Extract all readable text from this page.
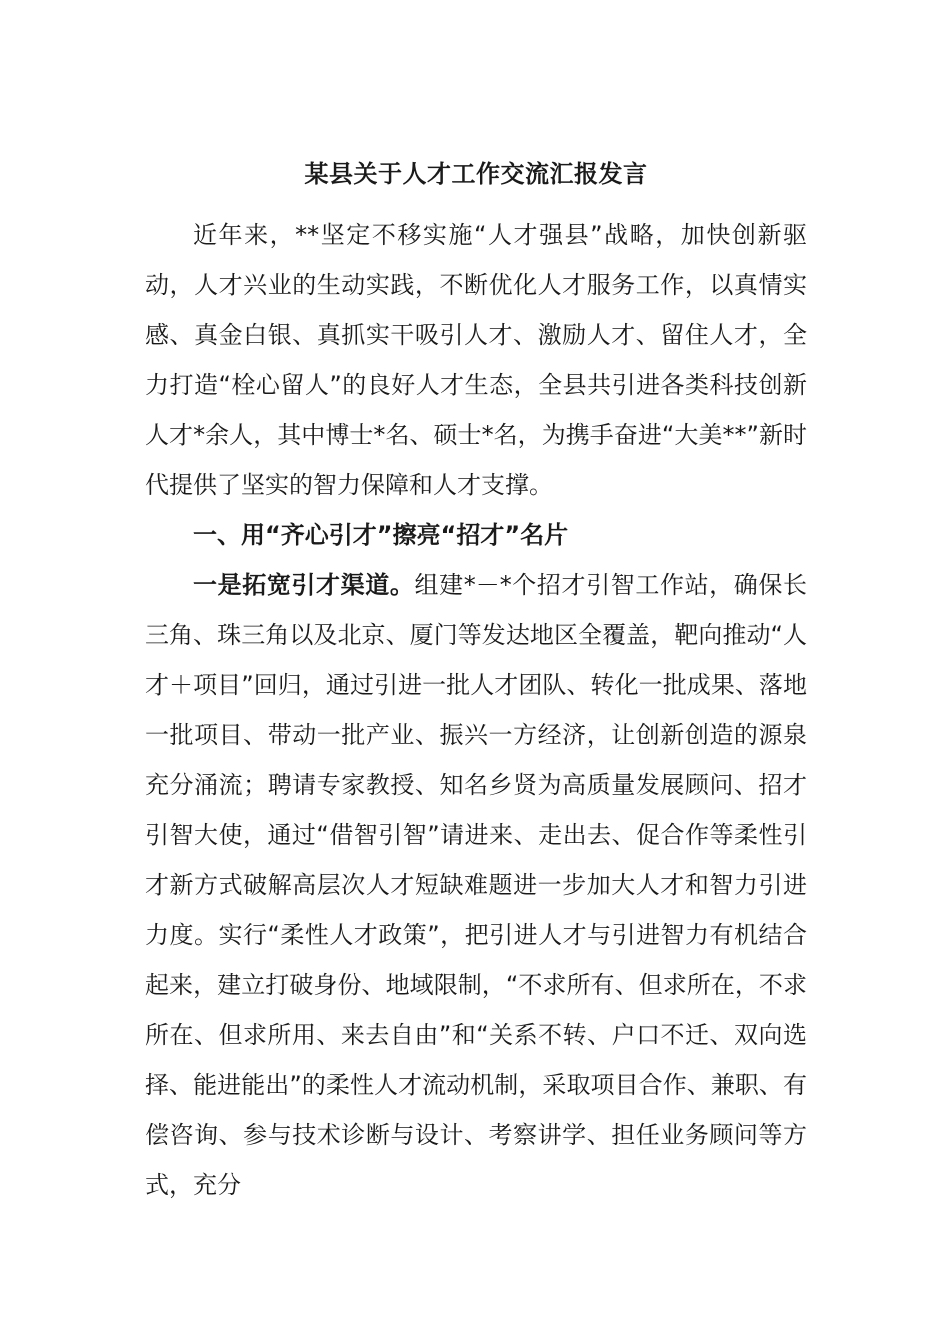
某县关于人才工作交流汇报发言

近年来，**坚定不移实施“人才强县”战略，加快创新驱动，人才兴业的生动实践，不断优化人才服务工作，以真情实感、真金白银、真抓实干吸引人才、激励人才、留住人才，全力打造“栓心留人”的良好人才生态，全县共引进各类科技创新人才*余人，其中博士*名、硕士*名，为携手奋进“大美**”新时代提供了坚实的智力保障和人才支撑。

一、用“齐心引才”擦亮“招才”名片

一是拓宽引才渠道。组建*－*个招才引智工作站，确保长三角、珠三角以及北京、厦门等发达地区全覆盖，靶向推动“人才＋项目”回归，通过引进一批人才团队、转化一批成果、落地一批项目、带动一批产业、振兴一方经济，让创新创造的源泉充分涌流；聘请专家教授、知名乡贤为高质量发展顾问、招才引智大使，通过“借智引智”请进来、走出去、促合作等柔性引才新方式破解高层次人才短缺难题进一步加大人才和智力引进力度。实行“柔性人才政策”，把引进人才与引进智力有机结合起来，建立打破身份、地域限制，“不求所有、但求所在，不求所在、但求所用、来去自由”和“关系不转、户口不迁、双向选择、能进能出”的柔性人才流动机制，采取项目合作、兼职、有偿咨询、参与技术诊断与设计、考察讲学、担任业务顾问等方式，充分
